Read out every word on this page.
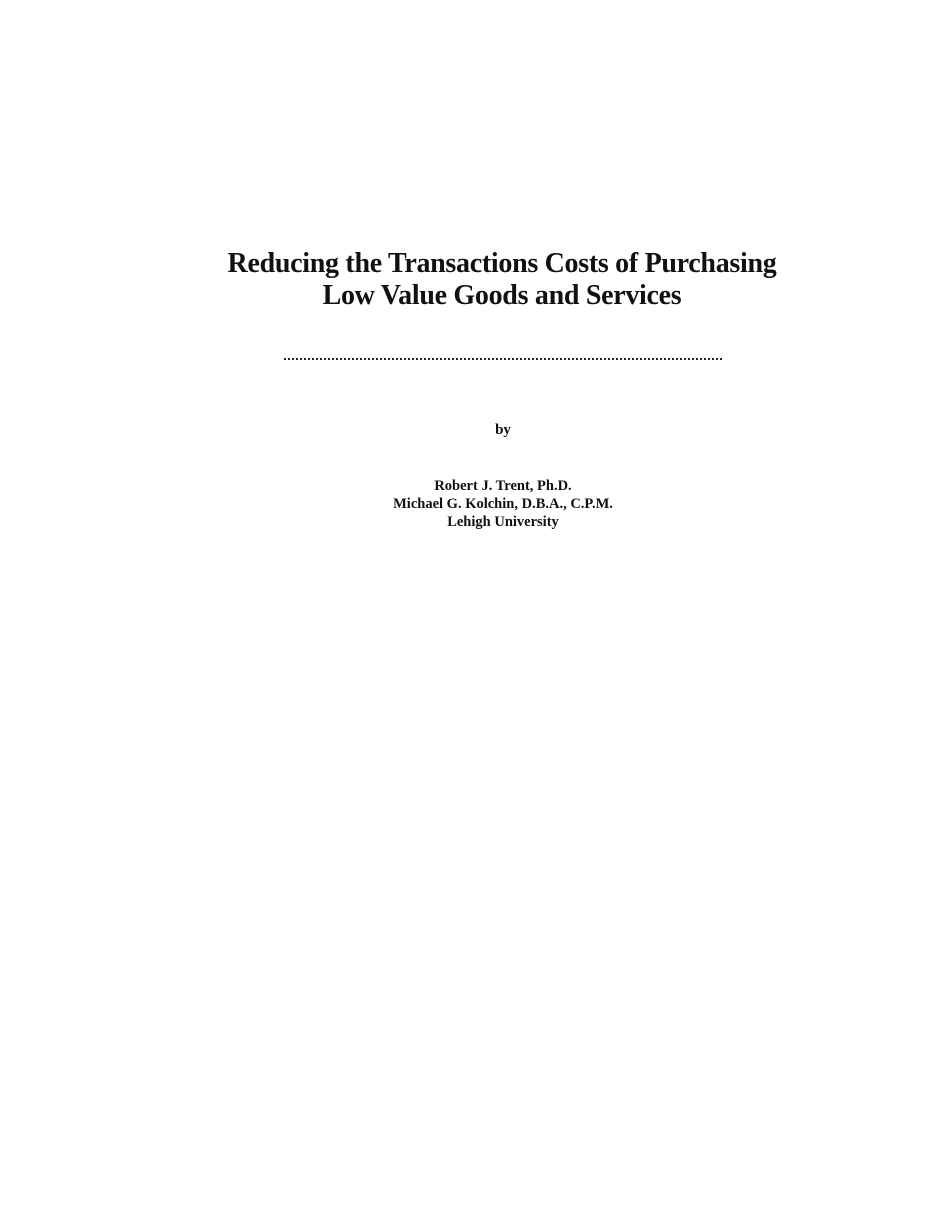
Reducing the Transactions Costs of Purchasing
Low Value Goods and Services
by
Robert J. Trent, Ph.D.
Michael G. Kolchin, D.B.A., C.P.M.
Lehigh University
